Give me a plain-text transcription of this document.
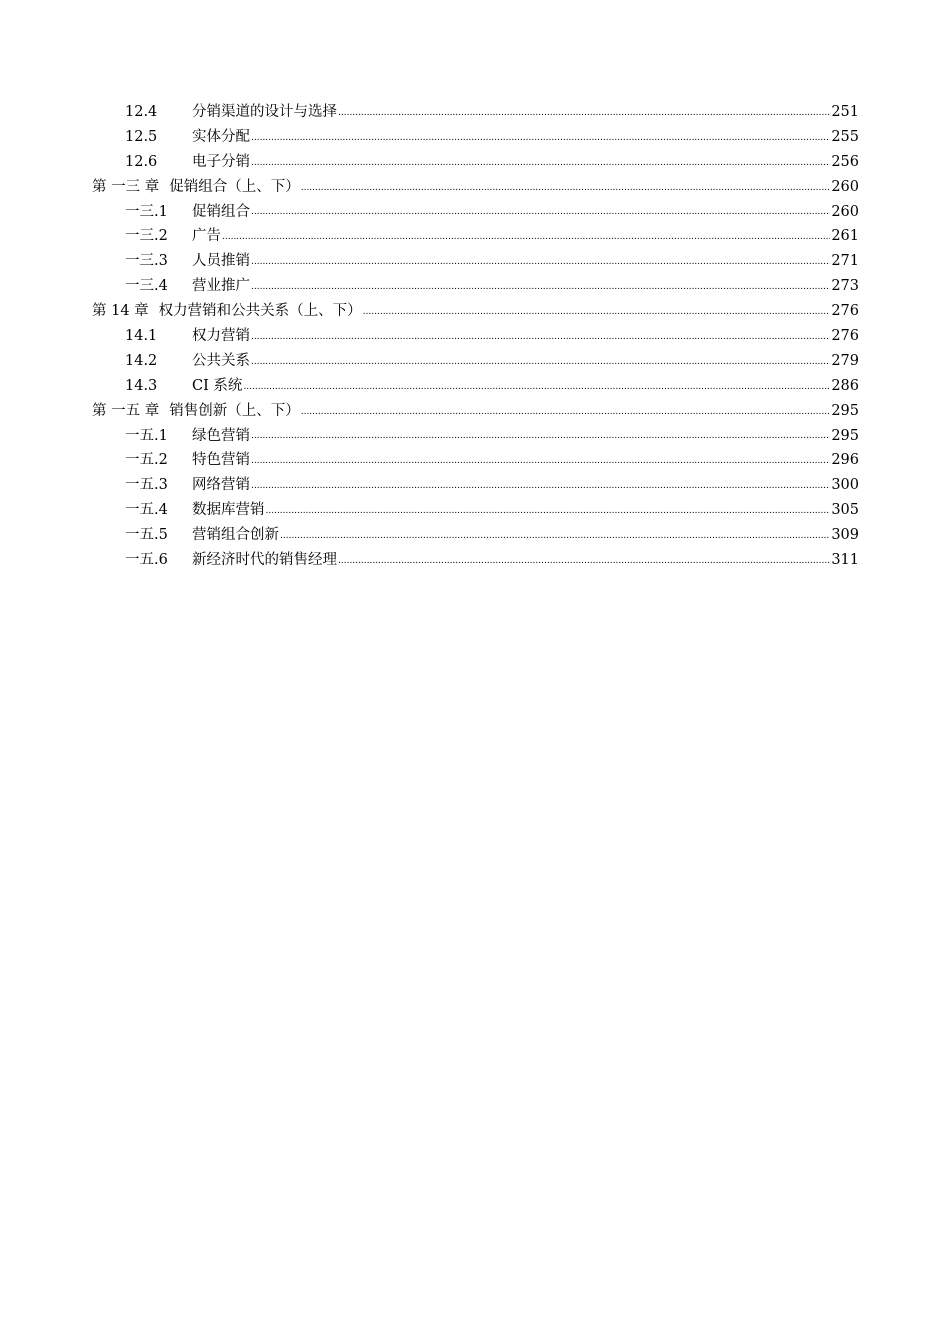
12.4	分销渠道的设计与选择 .....	251
12.5	实体分配 .....	255
12.6	电子分销 .....	256
第 一三 章 促销组合（上、下） .....	260
一三.1	促销组合 .....	260
一三.2	广告 .....	261
一三.3	人员推销 .....	271
一三.4	营业推广 .....	273
第 14 章 权力营销和公共关系（上、下） .....	276
14.1	权力营销 .....	276
14.2	公共关系 .....	279
14.3	CI 系统 .....	286
第 一五 章 销售创新（上、下） .....	295
一五.1	绿色营销 .....	295
一五.2	特色营销 .....	296
一五.3	网络营销 .....	300
一五.4	数据库营销 .....	305
一五.5	营销组合创新 .....	309
一五.6	新经济时代的销售经理 .....	311
